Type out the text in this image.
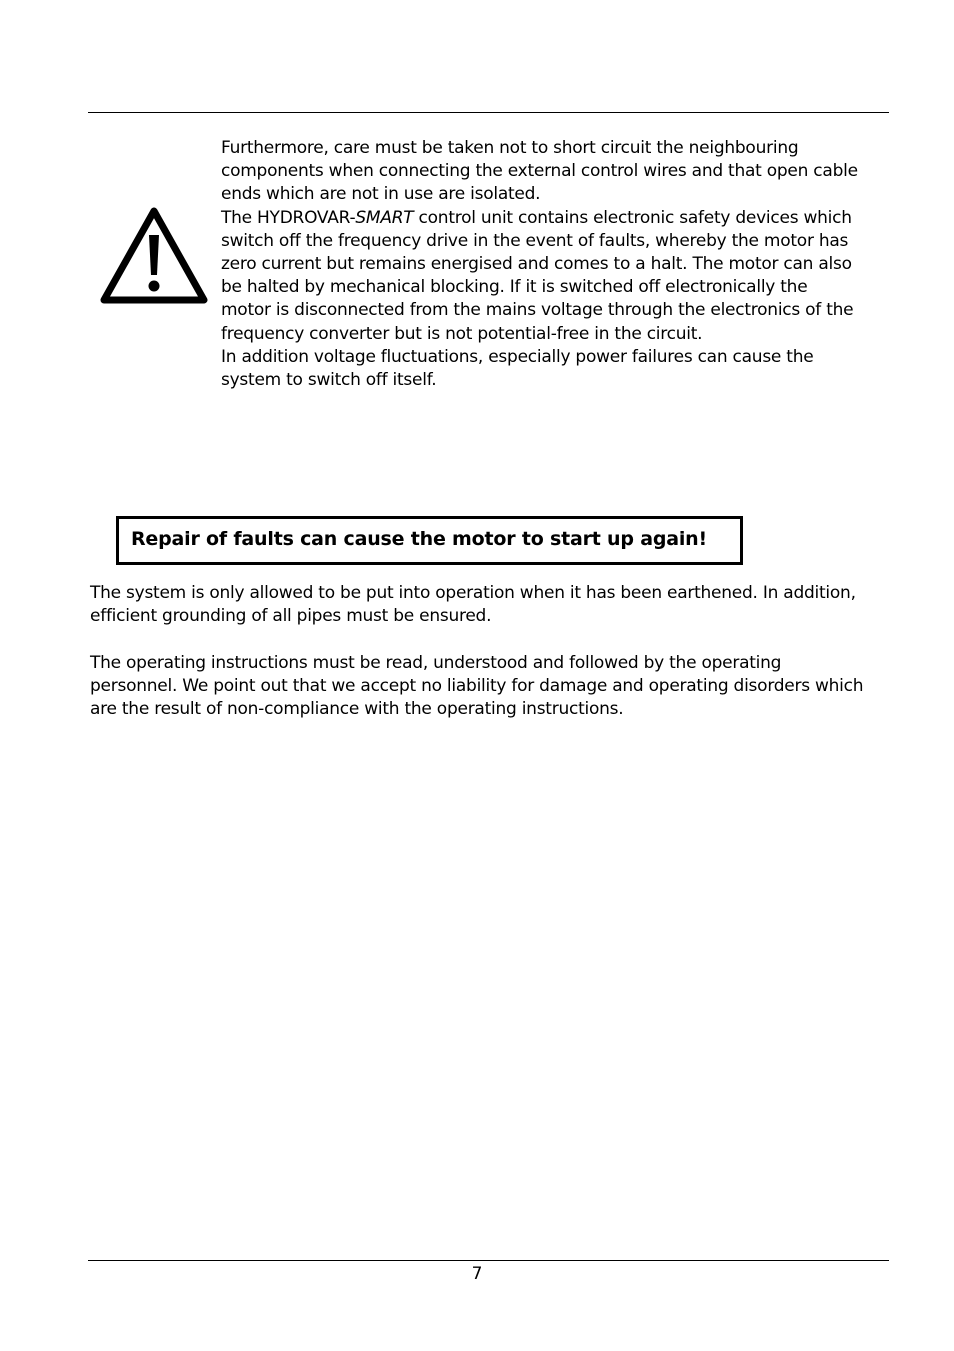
Furthermore, care must be taken not to short circuit the neighbouring components when connecting the external control wires and that open cable ends which are not in use are isolated.

The HYDROVAR-SMART control unit contains electronic safety devices which switch off the frequency drive in the event of faults, whereby the motor has zero current but remains energised and comes to a halt. The motor can also be halted by mechanical blocking. If it is switched off electronically the motor is disconnected from the mains voltage through the electronics of the frequency converter but is not potential-free in the circuit.

In addition voltage fluctuations, especially power failures can cause the system to switch off itself.

Repair of faults can cause the motor to start up again!

The system is only allowed to be put into operation when it has been earthened. In addition, efficient grounding of all pipes must be ensured.

The operating instructions must be read, understood and followed by the operating personnel. We point out that we accept no liability for damage and operating disorders which are the result of non-compliance with the operating instructions.

7
